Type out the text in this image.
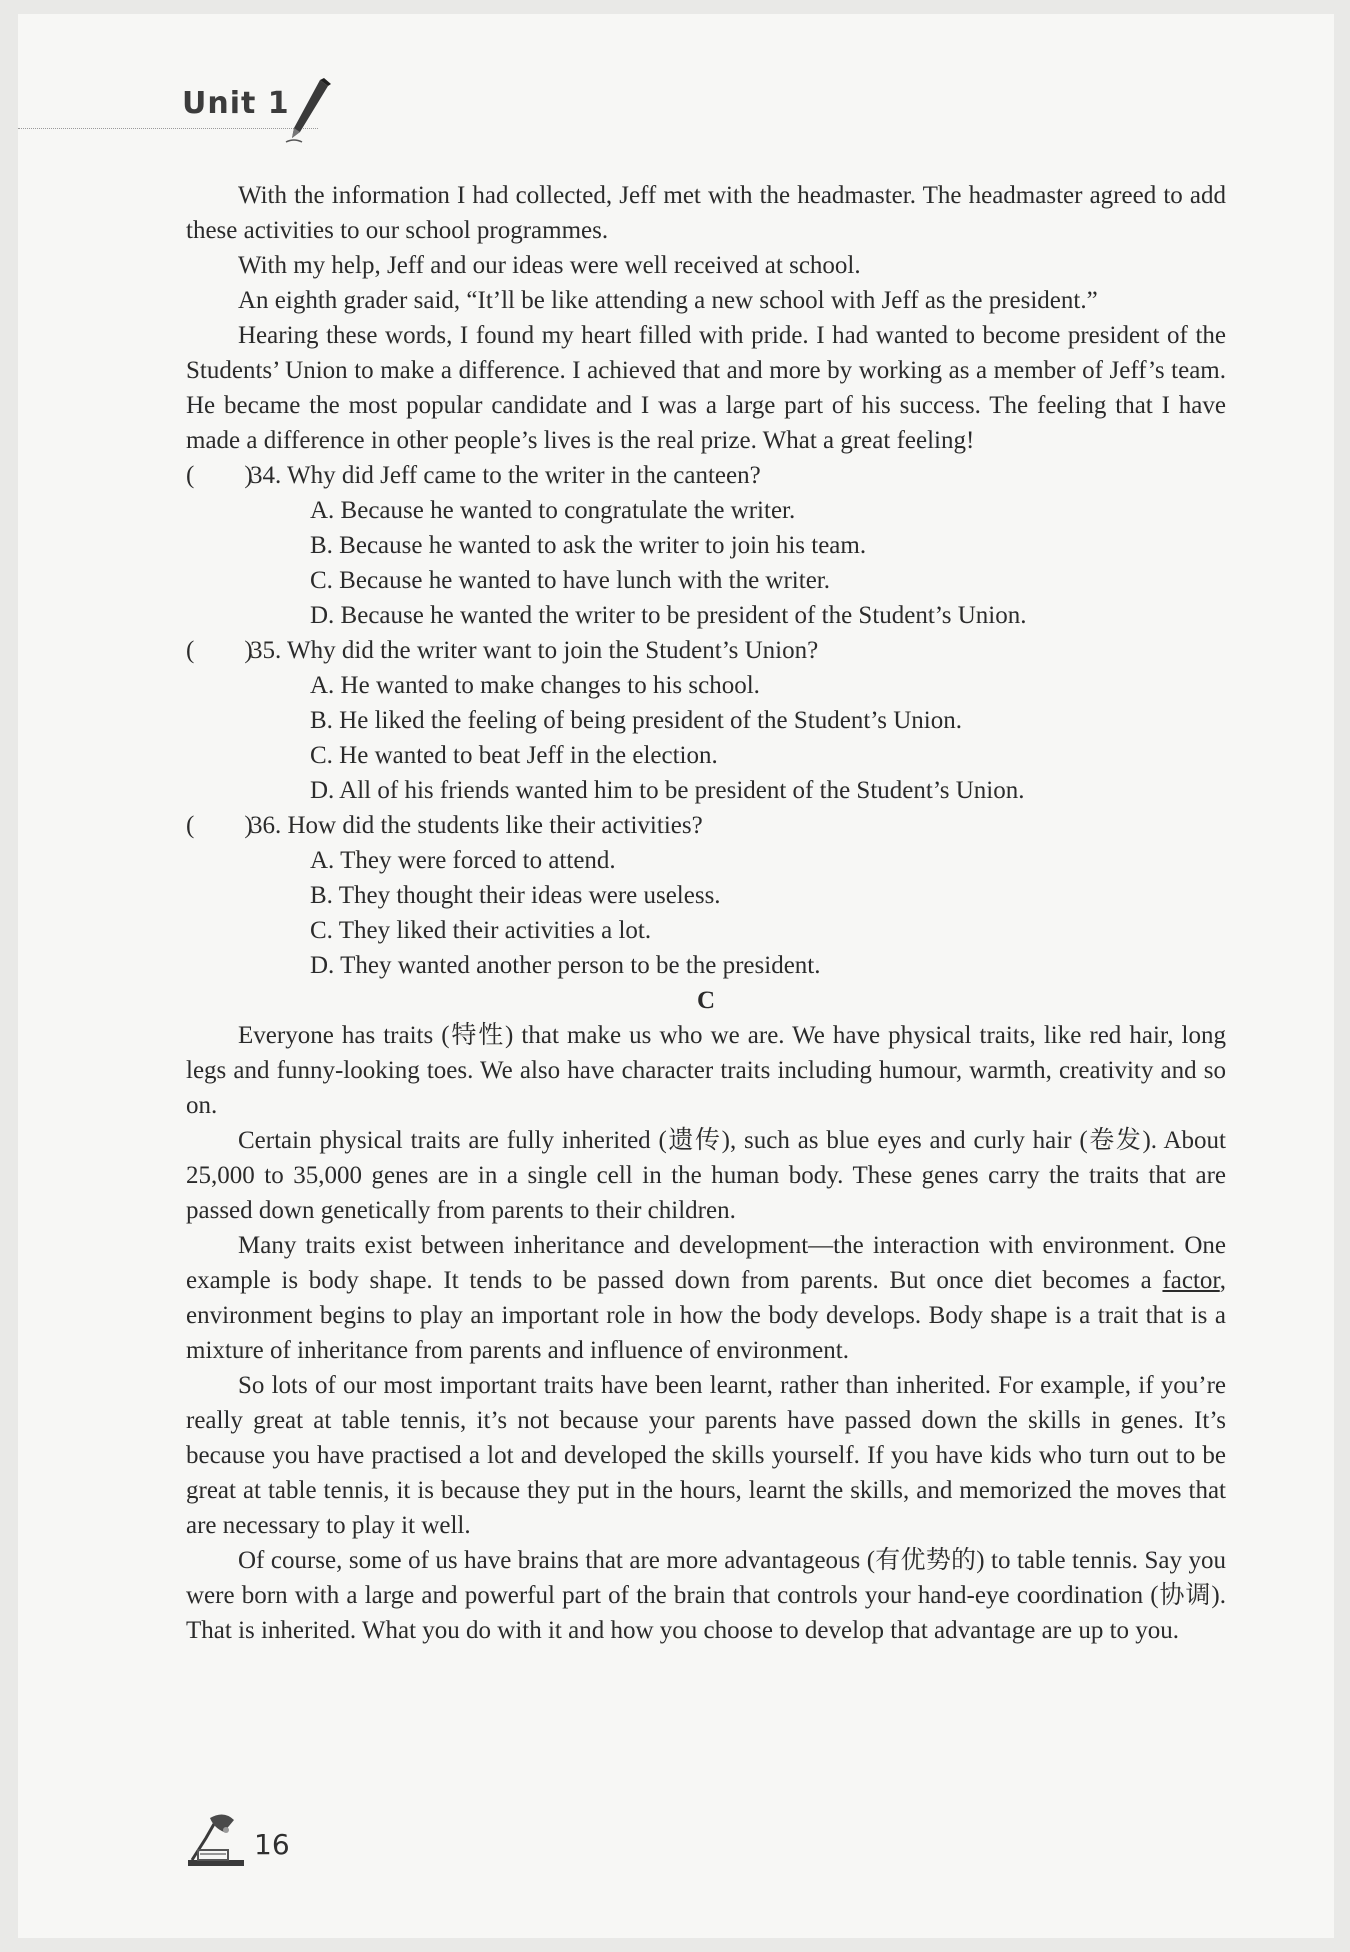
Unit 1

With the information I had collected, Jeff met with the headmaster. The headmaster agreed to add these activities to our school programmes.

With my help, Jeff and our ideas were well received at school.

An eighth grader said, “It’ll be like attending a new school with Jeff as the president.”

Hearing these words, I found my heart filled with pride. I had wanted to become president of the Students’ Union to make a difference. I achieved that and more by working as a member of Jeff’s team. He became the most popular candidate and I was a large part of his success. The feeling that I have made a difference in other people’s lives is the real prize. What a great feeling!

(　　)
34. Why did Jeff came to the writer in the canteen?
A. Because he wanted to congratulate the writer.
B. Because he wanted to ask the writer to join his team.
C. Because he wanted to have lunch with the writer.
D. Because he wanted the writer to be president of the Student’s Union.
(　　)
35. Why did the writer want to join the Student’s Union?
A. He wanted to make changes to his school.
B. He liked the feeling of being president of the Student’s Union.
C. He wanted to beat Jeff in the election.
D. All of his friends wanted him to be president of the Student’s Union.
(　　)
36. How did the students like their activities?
A. They were forced to attend.
B. They thought their ideas were useless.
C. They liked their activities a lot.
D. They wanted another person to be the president.
C

Everyone has traits (特性) that make us who we are. We have physical traits, like red hair, long legs and funny-looking toes. We also have character traits including humour, warmth, creativity and so on.

Certain physical traits are fully inherited (遗传), such as blue eyes and curly hair (卷发). About 25,000 to 35,000 genes are in a single cell in the human body. These genes carry the traits that are passed down genetically from parents to their children.

Many traits exist between inheritance and development—the interaction with environment. One example is body shape. It tends to be passed down from parents. But once diet becomes a factor, environment begins to play an important role in how the body develops. Body shape is a trait that is a mixture of inheritance from parents and influence of environment.

So lots of our most important traits have been learnt, rather than inherited. For example, if you’re really great at table tennis, it’s not because your parents have passed down the skills in genes. It’s because you have practised a lot and developed the skills yourself. If you have kids who turn out to be great at table tennis, it is because they put in the hours, learnt the skills, and memorized the moves that are necessary to play it well.

Of course, some of us have brains that are more advantageous (有优势的) to table tennis. Say you were born with a large and powerful part of the brain that controls your hand-eye coordination (协调). That is inherited. What you do with it and how you choose to develop that advantage are up to you.

16
